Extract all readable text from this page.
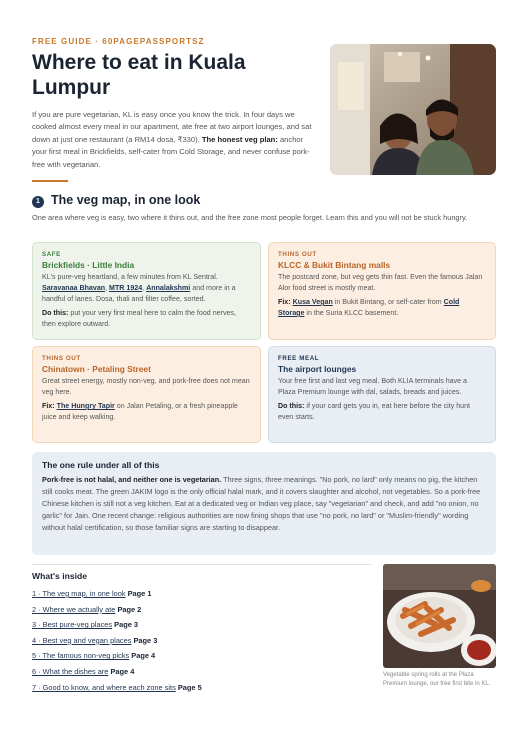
FREE GUIDE · 60PAGEPASSPORTSZ
Where to eat in Kuala Lumpur

If you are pure vegetarian, KL is easy once you know the trick. In four days we cooked almost every meal in our apartment, ate free at two airport lounges, and sat down at just one restaurant (a RM14 dosa, ₹330). The honest veg plan: anchor your first meal in Brickfields, self-cater from Cold Storage, and never confuse pork-free with vegetarian.

1 The veg map, in one look

One area where veg is easy, two where it thins out, and the free zone most people forget. Learn this and you will not be stuck hungry.

SAFE
Brickfields · Little India

KL's pure-veg heartland, a few minutes from KL Sentral.
Saravanaa Bhavan, MTR 1924, Annalakshmi and more in a handful of lanes. Dosa, thali and filter coffee, sorted.

Do this: put your very first meal here to calm the food nerves, then explore outward.

THINS OUT
KLCC & Bukit Bintang malls

The postcard zone, but veg gets thin fast. Even the famous Jalan Alor food street is mostly meat.

Fix: Kusa Vegan in Bukit Bintang, or self-cater from Cold Storage in the Suria KLCC basement.

THINS OUT
Chinatown · Petaling Street

Great street energy, mostly non-veg, and pork-free does not mean veg here.

Fix: The Hungry Tapir on Jalan Petaling, or a fresh pineapple juice and keep walking.

FREE MEAL
The airport lounges

Your free first and last veg meal. Both KLIA terminals have a Plaza Premium lounge with dal, salads, breads and juices.

Do this: if your card gets you in, eat here before the city hunt even starts.

The one rule under all of this

Pork-free is not halal, and neither one is vegetarian. Three signs, three meanings. "No pork, no lard" only means no pig, the kitchen still cooks meat. The green JAKIM logo is the only official halal mark, and it covers slaughter and alcohol, not vegetables. So a pork-free Chinese kitchen is still not a veg kitchen. Eat at a dedicated veg or Indian veg place, say "vegetarian" and check, and add "no onion, no garlic" for Jain. One recent change: religious authorities are now fining shops that use "no pork, no lard" or "Muslim-friendly" wording without halal certification, so those familiar signs are starting to disappear.

What's inside
1 · The veg map, in one look Page 1
2 · Where we actually ate Page 2
3 · Best pure-veg places Page 3
4 · Best veg and vegan places Page 3
5 · The famous non-veg picks Page 4
6 · What the dishes are Page 4
7 · Good to know, and where each zone sits Page 5
Vegetable spring rolls at the Plaza Premium lounge, our free first bite in KL.
